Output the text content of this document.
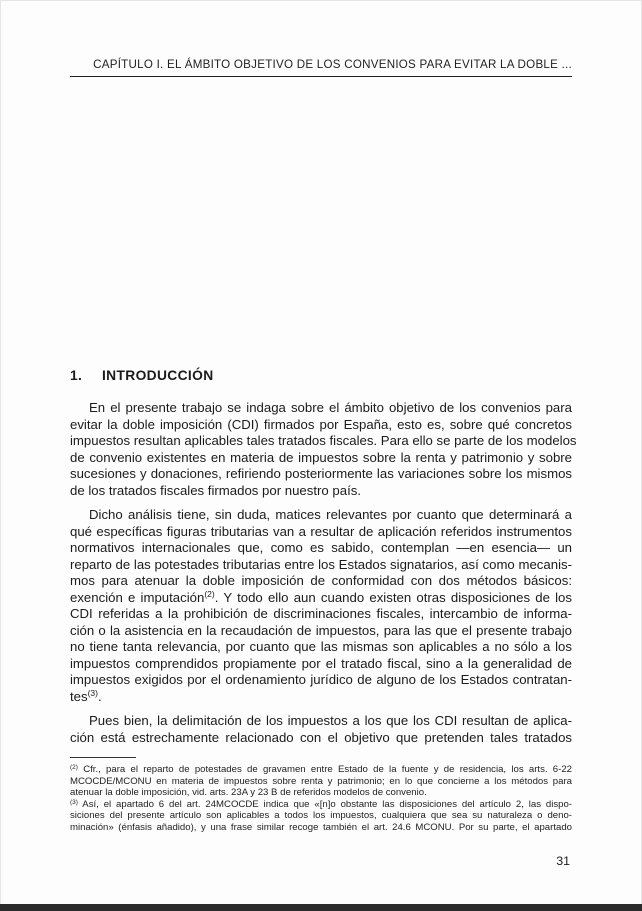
CAPÍTULO I. EL ÁMBITO OBJETIVO DE LOS CONVENIOS PARA EVITAR LA DOBLE ...
1. INTRODUCCIÓN
En el presente trabajo se indaga sobre el ámbito objetivo de los convenios para
evitar la doble imposición (CDI) firmados por España, esto es, sobre qué concretos
impuestos resultan aplicables tales tratados fiscales. Para ello se parte de los modelos
de convenio existentes en materia de impuestos sobre la renta y patrimonio y sobre
sucesiones y donaciones, refiriendo posteriormente las variaciones sobre los mismos
de los tratados fiscales firmados por nuestro país.
Dicho análisis tiene, sin duda, matices relevantes por cuanto que determinará a
qué específicas figuras tributarias van a resultar de aplicación referidos instrumentos
normativos internacionales que, como es sabido, contemplan —en esencia— un
reparto de las potestades tributarias entre los Estados signatarios, así como mecanis-
mos para atenuar la doble imposición de conformidad con dos métodos básicos:
exención e imputación$^{(2)}$. Y todo ello aun cuando existen otras disposiciones de los
CDI referidas a la prohibición de discriminaciones fiscales, intercambio de informa-
ción o la asistencia en la recaudación de impuestos, para las que el presente trabajo
no tiene tanta relevancia, por cuanto que las mismas son aplicables a no sólo a los
impuestos comprendidos propiamente por el tratado fiscal, sino a la generalidad de
impuestos exigidos por el ordenamiento jurídico de alguno de los Estados contratan-
tes$^{(3)}$.
Pues bien, la delimitación de los impuestos a los que los CDI resultan de aplica-
ción está estrechamente relacionado con el objetivo que pretenden tales tratados
$^{(2)}$ Cfr., para el reparto de potestades de gravamen entre Estado de la fuente y de residencia, los arts. 6-22
MCOCDE/MCONU en materia de impuestos sobre renta y patrimonio; en lo que concierne a los métodos para
atenuar la doble imposición, vid. arts. 23A y 23 B de referidos modelos de convenio.
$^{(3)}$ Así, el apartado 6 del art. 24MCOCDE indica que «[n]o obstante las disposiciones del artículo 2, las dispo-
siciones del presente artículo son aplicables a todos los impuestos, cualquiera que sea su naturaleza o deno-
minación» (énfasis añadido), y una frase similar recoge también el art. 24.6 MCONU. Por su parte, el apartado
31
